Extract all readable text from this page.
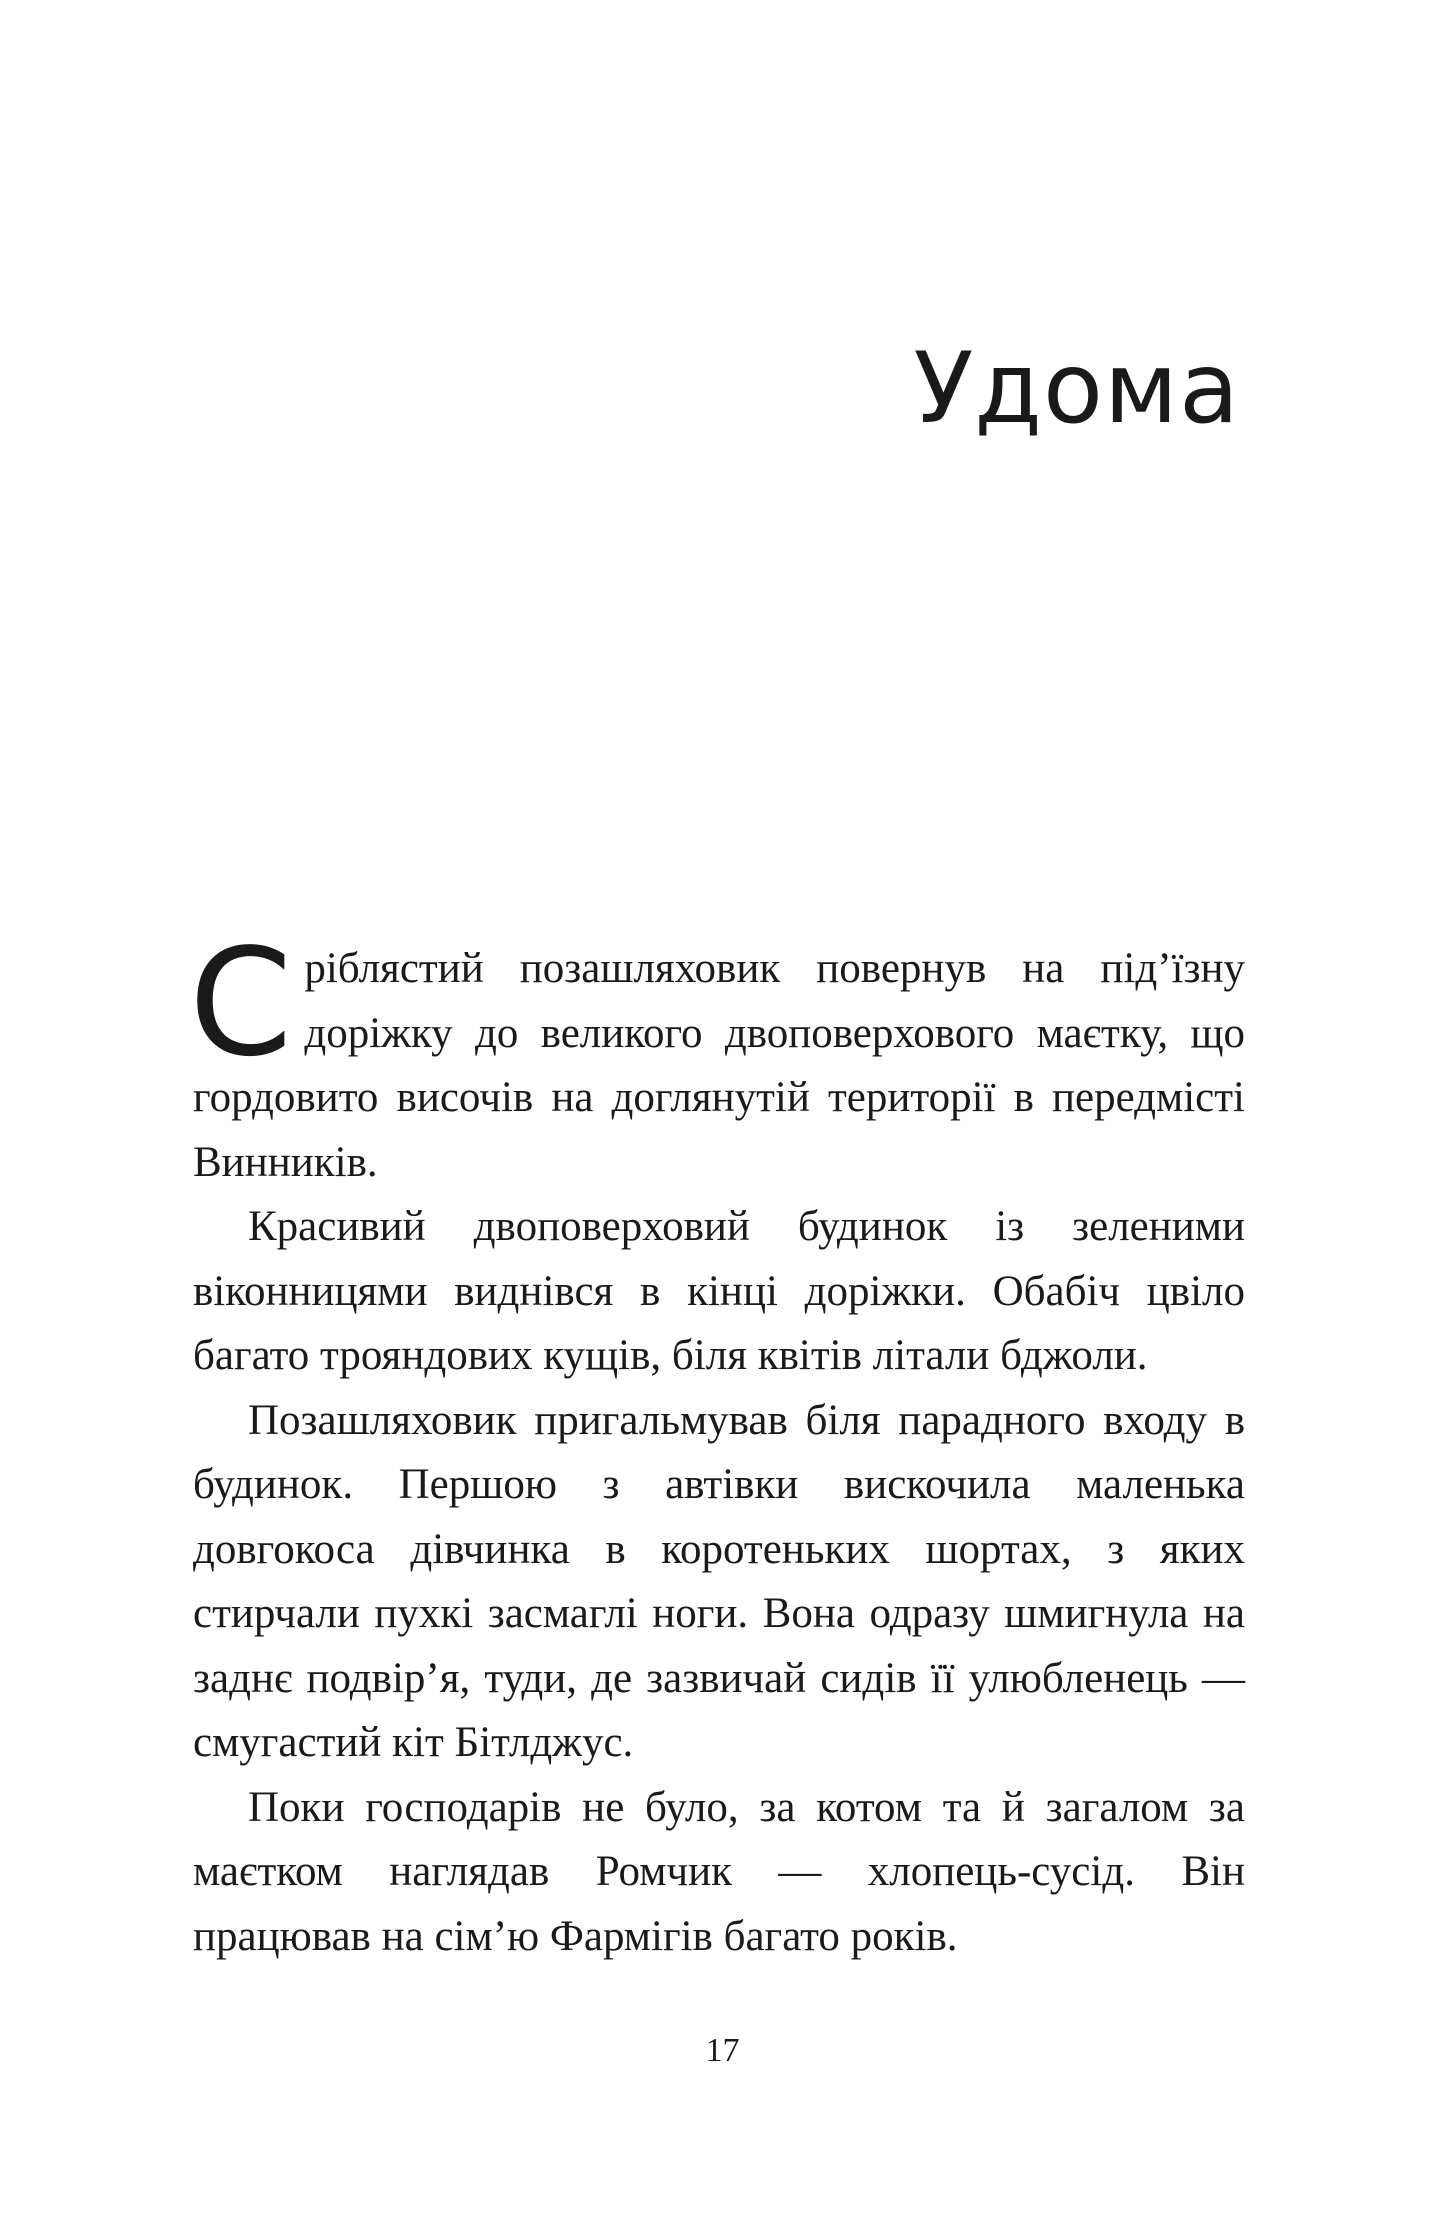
Удома

Сріблястий позашляховик повернув на під’їзну доріжку до великого двоповерхового маєтку, що гордовито височів на доглянутій території в передмісті Винників.

Красивий двоповерховий будинок із зеленими віконницями виднівся в кінці доріжки. Обабіч цвіло багато трояндових кущів, біля квітів літали бджоли.

Позашляховик пригальмував біля парадного входу в будинок. Першою з автівки вискочила маленька довгокоса дівчинка в коротеньких шортах, з яких стирчали пухкі засмаглі ноги. Вона одразу шмигнула на заднє подвір’я, туди, де зазвичай сидів її улюбленець — смугастий кіт Бітлджус.

Поки господарів не було, за котом та й загалом за маєтком наглядав Ромчик — хлопець-сусід. Він працював на сім’ю Фармігів багато років.

17
